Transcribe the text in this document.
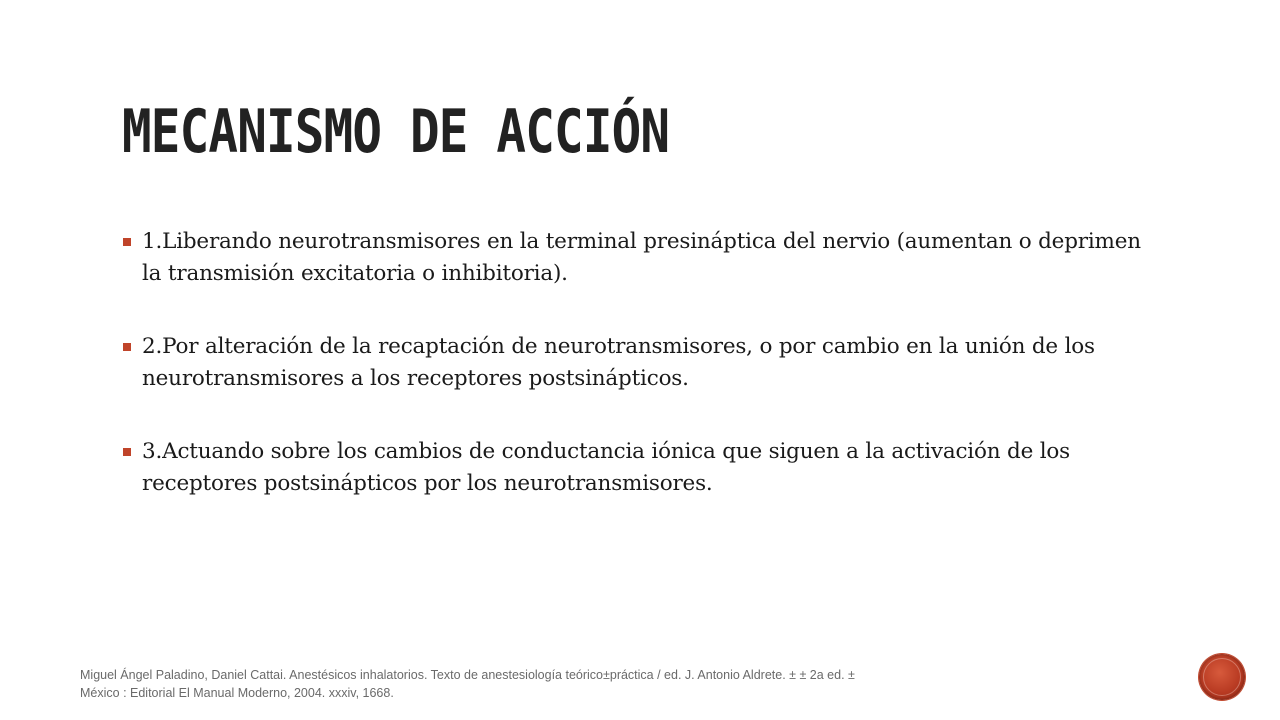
MECANISMO DE ACCIÓN
1.Liberando neurotransmisores en la terminal presináptica del nervio (aumentan o deprimen la transmisión excitatoria o inhibitoria).
2.Por alteración de la recaptación de neurotransmisores, o por cambio en la unión de los neurotransmisores a los receptores postsinápticos.
3.Actuando sobre los cambios de conductancia iónica que siguen a la activación de los receptores postsinápticos por los neurotransmisores.

Miguel Ángel Paladino, Daniel Cattai. Anestésicos inhalatorios. Texto de anestesiología teórico±práctica / ed. J. Antonio Aldrete. ± ± 2a ed. ±
México : Editorial El Manual Moderno, 2004. xxxiv, 1668.
